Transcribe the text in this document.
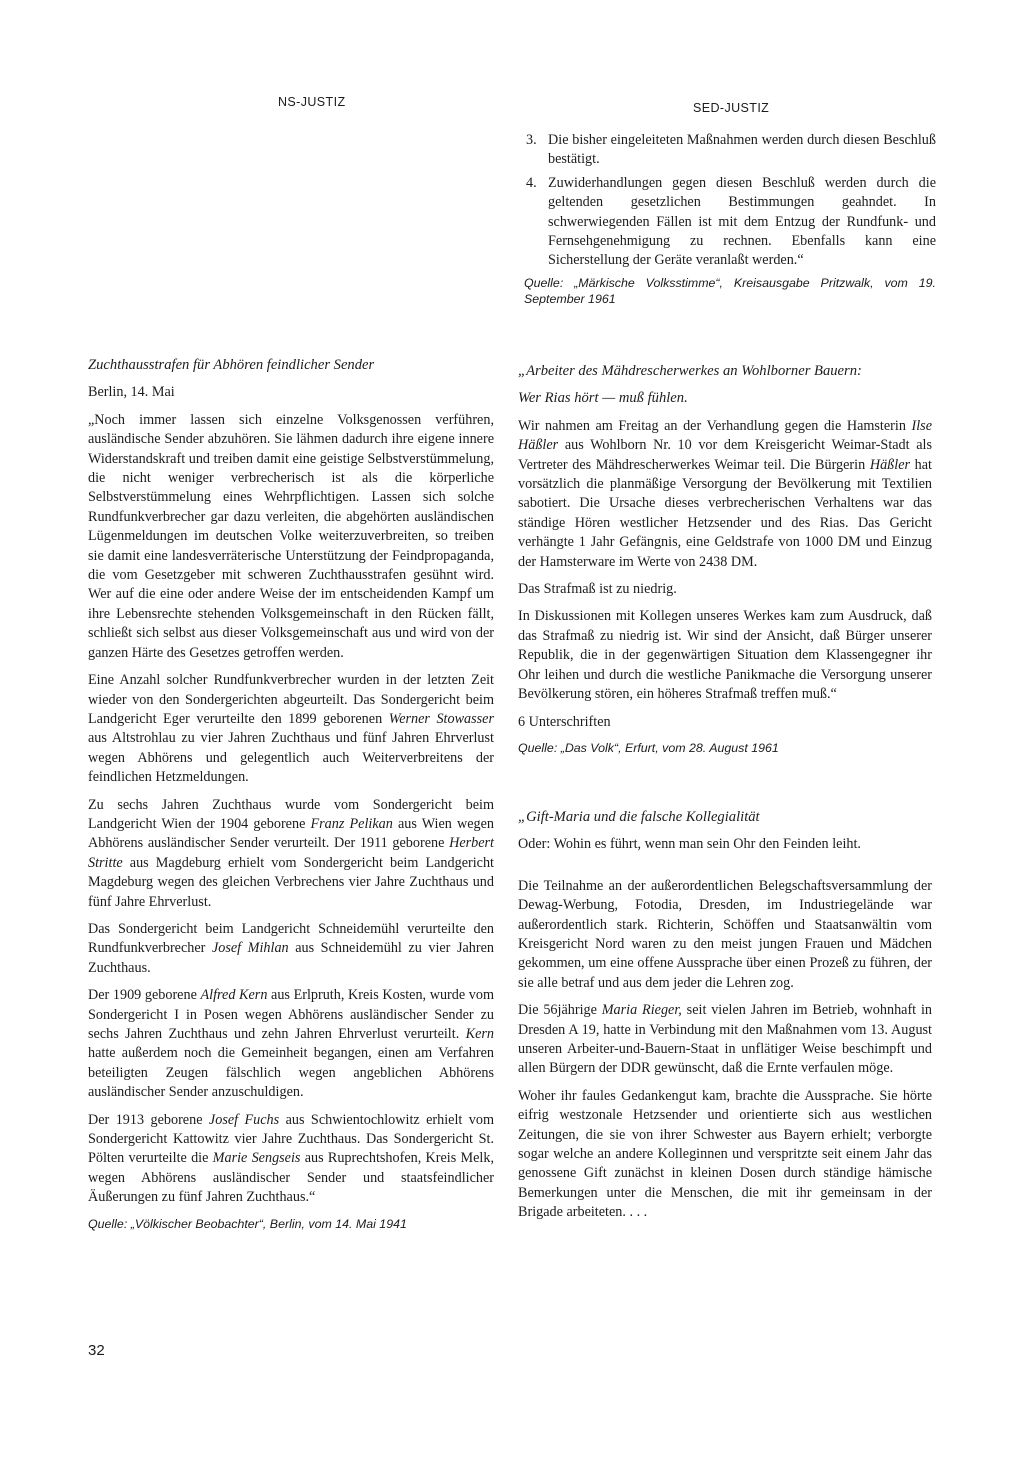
NS-JUSTIZ	SED-JUSTIZ
3. Die bisher eingeleiteten Maßnahmen werden durch diesen Beschluß bestätigt.
4. Zuwiderhandlungen gegen diesen Beschluß werden durch die geltenden gesetzlichen Bestimmungen geahndet. In schwerwiegenden Fällen ist mit dem Entzug der Rundfunk- und Fernsehgenehmigung zu rechnen. Ebenfalls kann eine Sicherstellung der Geräte veranlaßt werden.“

Quelle: „Märkische Volksstimme“, Kreisausgabe Pritzwalk, vom 19. September 1961

Zuchthausstrafen für Abhören feindlicher Sender

Berlin, 14. Mai

„Noch immer lassen sich einzelne Volksgenossen verführen, ausländische Sender abzuhören. Sie lähmen dadurch ihre eigene innere Widerstandskraft und treiben damit eine geistige Selbstverstümmelung, die nicht weniger verbrecherisch ist als die körperliche Selbstverstümmelung eines Wehrpflichtigen. Lassen sich solche Rundfunkverbrecher gar dazu verleiten, die abgehörten ausländischen Lügenmeldungen im deutschen Volke weiterzuverbreiten, so treiben sie damit eine landesverräterische Unterstützung der Feindpropaganda, die vom Gesetzgeber mit schweren Zuchthausstrafen gesühnt wird. Wer auf die eine oder andere Weise der im entscheidenden Kampf um ihre Lebensrechte stehenden Volksgemeinschaft in den Rücken fällt, schließt sich selbst aus dieser Volksgemeinschaft aus und wird von der ganzen Härte des Gesetzes getroffen werden.

Eine Anzahl solcher Rundfunkverbrecher wurden in der letzten Zeit wieder von den Sondergerichten abgeurteilt. Das Sondergericht beim Landgericht Eger verurteilte den 1899 geborenen Werner Stowasser aus Altstrohlau zu vier Jahren Zuchthaus und fünf Jahren Ehrverlust wegen Abhörens und gelegentlich auch Weiterverbreitens der feindlichen Hetzmeldungen.

Zu sechs Jahren Zuchthaus wurde vom Sondergericht beim Landgericht Wien der 1904 geborene Franz Pelikan aus Wien wegen Abhörens ausländischer Sender verurteilt. Der 1911 geborene Herbert Stritte aus Magdeburg erhielt vom Sondergericht beim Landgericht Magdeburg wegen des gleichen Verbrechens vier Jahre Zuchthaus und fünf Jahre Ehrverlust.

Das Sondergericht beim Landgericht Schneidemühl verurteilte den Rundfunkverbrecher Josef Mihlan aus Schneidemühl zu vier Jahren Zuchthaus.

Der 1909 geborene Alfred Kern aus Erlpruth, Kreis Kosten, wurde vom Sondergericht I in Posen wegen Abhörens ausländischer Sender zu sechs Jahren Zuchthaus und zehn Jahren Ehrverlust verurteilt. Kern hatte außerdem noch die Gemeinheit begangen, einen am Verfahren beteiligten Zeugen fälschlich wegen angeblichen Abhörens ausländischer Sender anzuschuldigen.

Der 1913 geborene Josef Fuchs aus Schwientochlowitz erhielt vom Sondergericht Kattowitz vier Jahre Zuchthaus. Das Sondergericht St. Pölten verurteilte die Marie Sengseis aus Ruprechtshofen, Kreis Melk, wegen Abhörens ausländischer Sender und staatsfeindlicher Äußerungen zu fünf Jahren Zuchthaus.“

Quelle: „Völkischer Beobachter“, Berlin, vom 14. Mai 1941

„Arbeiter des Mähdrescherwerkes an Wohlborner Bauern:

Wer Rias hört — muß fühlen.

Wir nahmen am Freitag an der Verhandlung gegen die Hamsterin Ilse Häßler aus Wohlborn Nr. 10 vor dem Kreisgericht Weimar-Stadt als Vertreter des Mähdrescherwerkes Weimar teil. Die Bürgerin Häßler hat vorsätzlich die planmäßige Versorgung der Bevölkerung mit Textilien sabotiert. Die Ursache dieses verbrecherischen Verhaltens war das ständige Hören westlicher Hetzsender und des Rias. Das Gericht verhängte 1 Jahr Gefängnis, eine Geldstrafe von 1000 DM und Einzug der Hamsterware im Werte von 2438 DM.

Das Strafmaß ist zu niedrig.

In Diskussionen mit Kollegen unseres Werkes kam zum Ausdruck, daß das Strafmaß zu niedrig ist. Wir sind der Ansicht, daß Bürger unserer Republik, die in der gegenwärtigen Situation dem Klassengegner ihr Ohr leihen und durch die westliche Panikmache die Versorgung unserer Bevölkerung stören, ein höheres Strafmaß treffen muß.“

6 Unterschriften

Quelle: „Das Volk“, Erfurt, vom 28. August 1961

„Gift-Maria und die falsche Kollegialität

Oder: Wohin es führt, wenn man sein Ohr den Feinden leiht.

Die Teilnahme an der außerordentlichen Belegschaftsversammlung der Dewag-Werbung, Fotodia, Dresden, im Industriegelände war außerordentlich stark. Richterin, Schöffen und Staatsanwältin vom Kreisgericht Nord waren zu den meist jungen Frauen und Mädchen gekommen, um eine offene Aussprache über einen Prozeß zu führen, der sie alle betraf und aus dem jeder die Lehren zog.

Die 56jährige Maria Rieger, seit vielen Jahren im Betrieb, wohnhaft in Dresden A 19, hatte in Verbindung mit den Maßnahmen vom 13. August unseren Arbeiter-und-Bauern-Staat in unflätiger Weise beschimpft und allen Bürgern der DDR gewünscht, daß die Ernte verfaulen möge.

Woher ihr faules Gedankengut kam, brachte die Aussprache. Sie hörte eifrig westzonale Hetzsender und orientierte sich aus westlichen Zeitungen, die sie von ihrer Schwester aus Bayern erhielt; verborgte sogar welche an andere Kolleginnen und verspritzte seit einem Jahr das genossene Gift zunächst in kleinen Dosen durch ständige hämische Bemerkungen unter die Menschen, die mit ihr gemeinsam in der Brigade arbeiteten. . . .

32
